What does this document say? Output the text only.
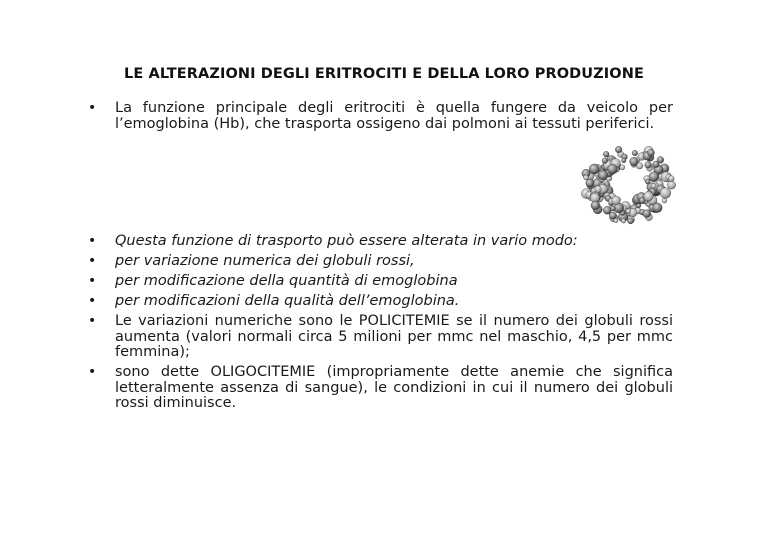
LE ALTERAZIONI DEGLI ERITROCITI E DELLA LORO PRODUZIONE
• La funzione principale degli eritrociti è quella fungere da veicolo per l’emoglobina (Hb), che trasporta ossigeno dai polmoni ai tessuti periferici.
• Questa funzione di trasporto può essere alterata in vario modo:
• per variazione numerica dei globuli rossi,
• per modificazione della quantità di emoglobina
• per modificazioni della qualità dell’emoglobina.
• Le variazioni numeriche sono le POLICITEMIE se il numero dei globuli rossi aumenta (valori normali circa 5 milioni per mmc nel maschio, 4,5 per mmc femmina);
• sono dette OLIGOCITEMIE (impropriamente dette anemie che significa letteralmente assenza di sangue), le condizioni in cui il numero dei globuli rossi diminuisce.
